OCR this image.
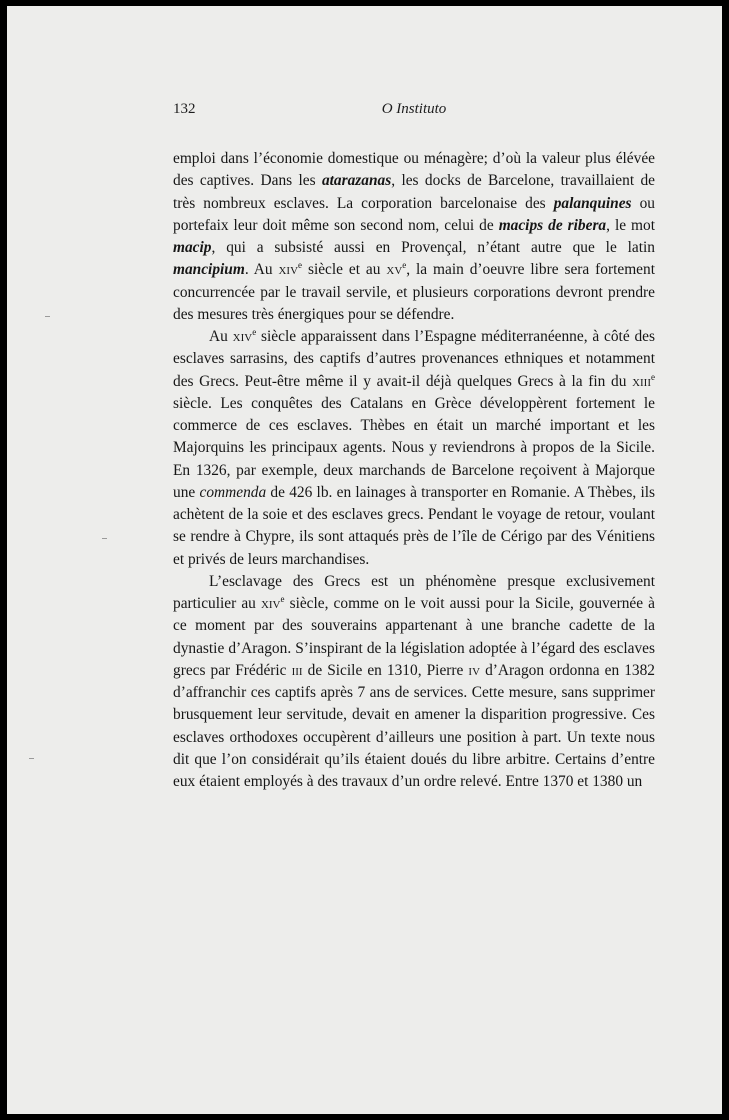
132	O Instituto

emploi dans l’économie domestique ou ménagère; d’où la valeur plus élévée des captives. Dans les atarazanas, les docks de Barcelone, travaillaient de très nombreux esclaves. La corporation barcelonaise des palanquines ou portefaix leur doit même son second nom, celui de macips de ribera, le mot macip, qui a subsisté aussi en Provençal, n’étant autre que le latin mancipium. Au xiv$^e$ siècle et au $xv^e$, la main d’oeuvre libre sera fortement concurrencée par le travail servile, et plusieurs corporations devront prendre des mesures très énergiques pour se défendre.

Au xiv$^e$ siècle apparaissent dans l’Espagne méditerranéenne, à côté des esclaves sarrasins, des captifs d’autres provenances ethniques et notamment des Grecs. Peut-être même il y avait-il déjà quelques Grecs à la fin du xiii$^e$ siècle. Les conquêtes des Catalans en Grèce développèrent fortement le commerce de ces esclaves. Thèbes en était un marché important et les Majorquins les principaux agents. Nous y reviendrons à propos de la Sicile. En 1326, par exemple, deux marchands de Barcelone reçoivent à Majorque une commenda de 426 lb. en lainages à transporter en Romanie. A Thèbes, ils achètent de la soie et des esclaves grecs. Pendant le voyage de retour, voulant se rendre à Chypre, ils sont attaqués près de l’île de Cérigo par des Vénitiens et privés de leurs marchandises.

L’esclavage des Grecs est un phénomène presque exclusivement particulier au xiv$^e$ siècle, comme on le voit aussi pour la Sicile, gouvernée à ce moment par des souverains appartenant à une branche cadette de la dynastie d’Aragon. S’inspirant de la législation adoptée à l’égard des esclaves grecs par Frédéric iii de Sicile en 1310, Pierre iv d’Aragon ordonna en 1382 d’affranchir ces captifs après 7 ans de services. Cette mesure, sans supprimer brusquement leur servitude, devait en amener la disparition progressive. Ces esclaves orthodoxes occupèrent d’ailleurs une position à part. Un texte nous dit que l’on considérait qu’ils étaient doués du libre arbitre. Certains d’entre eux étaient employés à des travaux d’un ordre relevé. Entre 1370 et 1380 un
